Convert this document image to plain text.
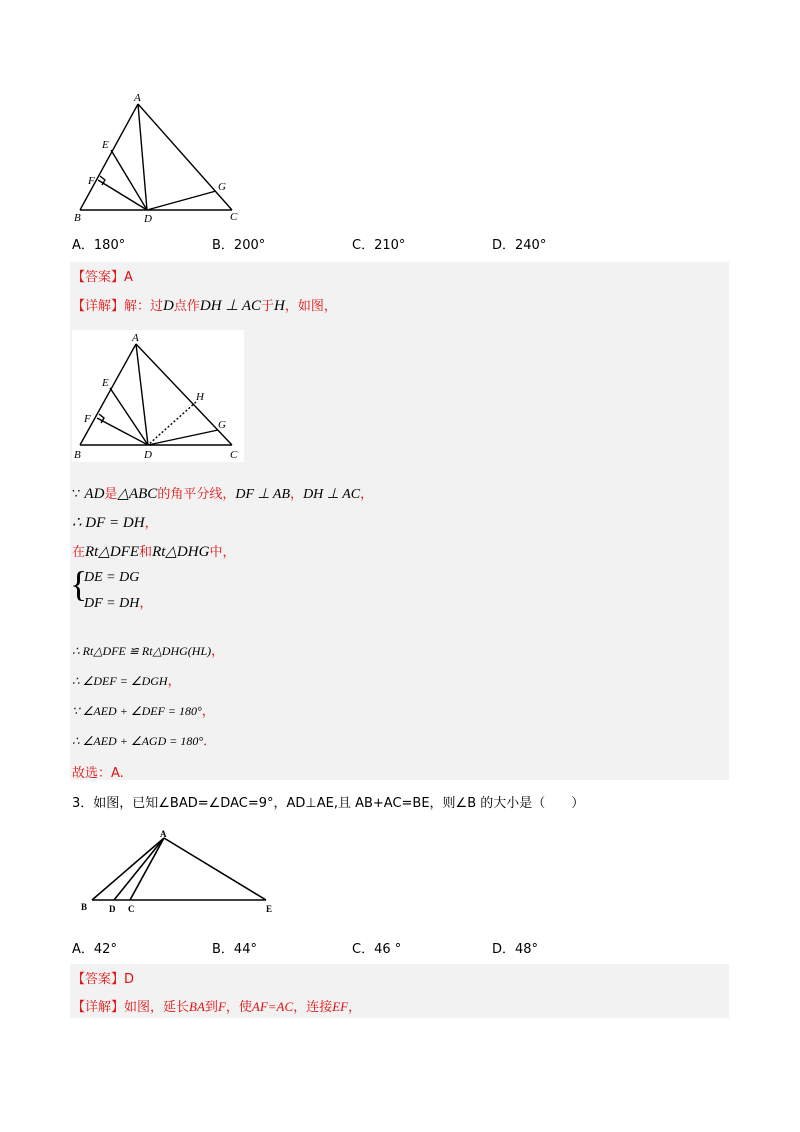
A
E
F	G
B	D	C
A．180°	B．200°	C．210°	D．240°
【答案】A
【详解】解：过D点作DH ⊥ AC于H，如图，
A
E
F
H
G
B	D	C
∵ AD是△ABC的角平分线，DF ⊥ AB，DH ⊥ AC，
∴ DF = DH，
在Rt△DFE和Rt△DHG中，
{
DE = DG
DF = DH，
∴ Rt△DFE ≌ Rt△DHG(HL)，
∴ ∠DEF = ∠DGH，
∵ ∠AED + ∠DEF = 180°，
∴ ∠AED + ∠AGD = 180°．
故选：A.
3．如图，已知∠BAD=∠DAC=9°，AD⊥AE,且 AB+AC=BE，则∠B 的大小是（　　）
A
B D C	E
A．42°	B．44°	C．46 °	D．48°
【答案】D
【详解】如图，延长BA到F，使AF=AC，连接EF，
